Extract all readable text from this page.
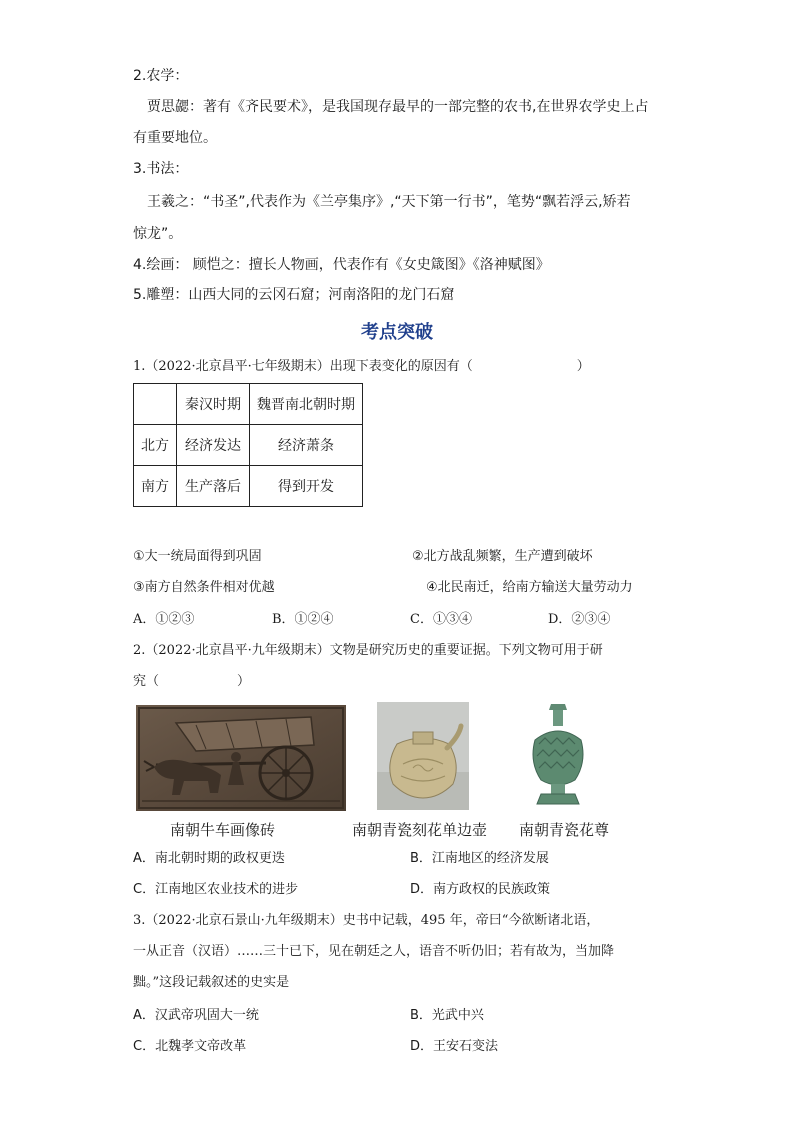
2.农学：
贾思勰：著有《齐民要术》，是我国现存最早的一部完整的农书,在世界农学史上占
有重要地位。
3.书法：
王羲之：“书圣”,代表作为《兰亭集序》,“天下第一行书”，笔势“飘若浮云,矫若
惊龙”。
4.绘画： 顾恺之：擅长人物画，代表作有《女史箴图》《洛神赋图》
5.雕塑：山西大同的云冈石窟；河南洛阳的龙门石窟
考点突破
1.（2022·北京昌平·七年级期末）出现下表变化的原因有（　　　　　　　　）
	秦汉时期	魏晋南北朝时期
北方	经济发达	经济萧条
南方	生产落后	得到开发
①大一统局面得到巩固	②北方战乱频繁，生产遭到破坏
③南方自然条件相对优越	④北民南迁，给南方输送大量劳动力
A．①②③	B．①②④	C．①③④	D．②③④
2.（2022·北京昌平·九年级期末）文物是研究历史的重要证据。下列文物可用于研
究（　　　　　　）
南朝牛车画像砖	南朝青瓷刻花单边壶 南朝青瓷花尊
A．南北朝时期的政权更迭	B．江南地区的经济发展
C．江南地区农业技术的进步	D．南方政权的民族政策
3.（2022·北京石景山·九年级期末）史书中记载，495 年，帝曰“今欲断诸北语，
一从正音（汉语）……三十已下，见在朝廷之人，语音不听仍旧；若有故为，当加降
黜。”这段记载叙述的史实是
A．汉武帝巩固大一统	B．光武中兴
C．北魏孝文帝改革	D．王安石变法
